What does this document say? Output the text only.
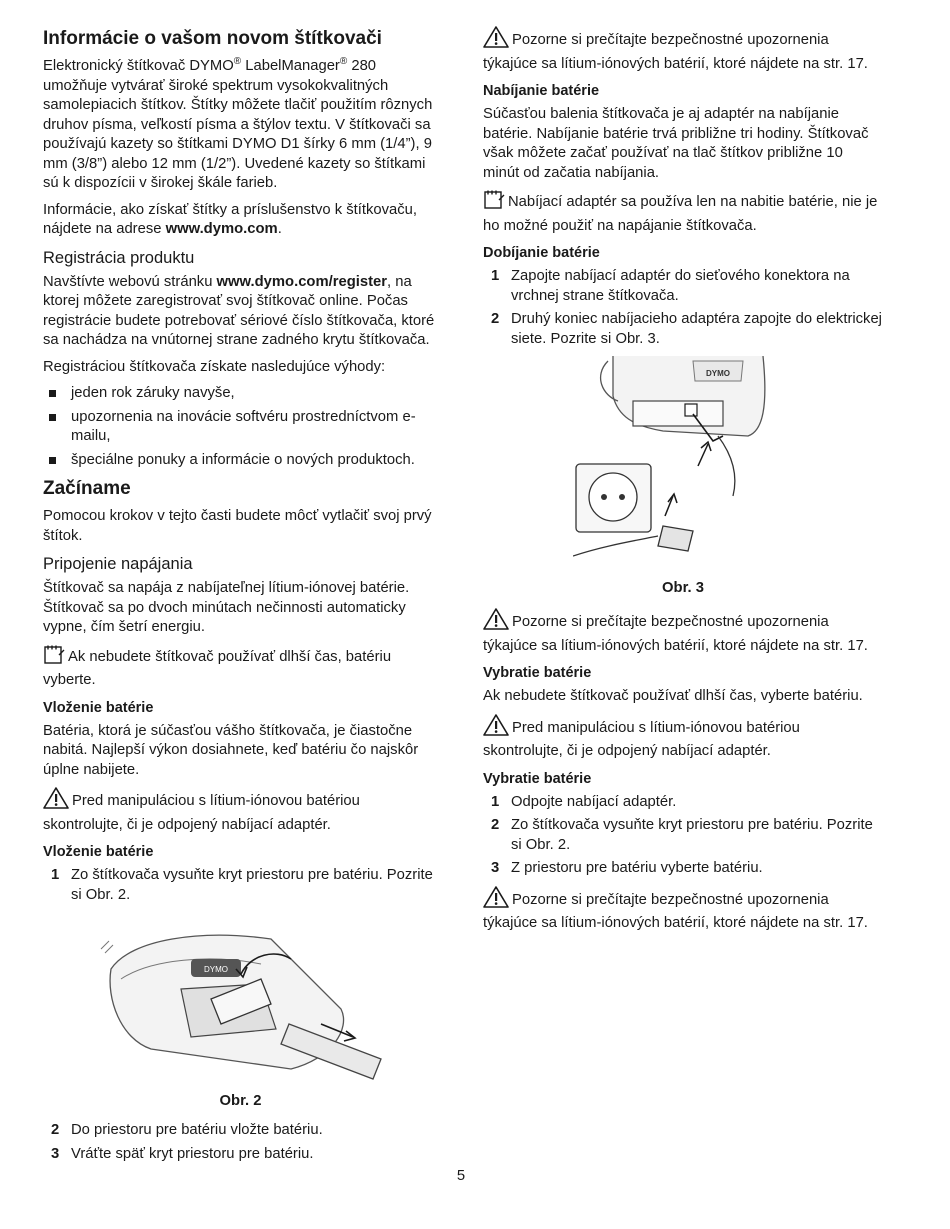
Informácie o vašom novom štítkovači

Elektronický štítkovač DYMO® LabelManager® 280 umožňuje vytvárať široké spektrum vysokokvalitných samolepiacich štítkov. Štítky môžete tlačiť použitím rôznych druhov písma, veľkostí písma a štýlov textu. V štítkovači sa používajú kazety so štítkami DYMO D1 šírky 6 mm (1/4”), 9 mm (3/8”) alebo 12 mm (1/2”). Uvedené kazety so štítkami sú k dispozícii v širokej škále farieb.

Informácie, ako získať štítky a príslušenstvo k štítkovaču, nájdete na adrese www.dymo.com.

Registrácia produktu

Navštívte webovú stránku www.dymo.com/register, na ktorej môžete zaregistrovať svoj štítkovač online. Počas registrácie budete potrebovať sériové číslo štítkovača, ktoré sa nachádza na vnútornej strane zadného krytu štítkovača.

Registráciou štítkovača získate nasledujúce výhody:

jeden rok záruky navyše,
upozornenia na inovácie softvéru prostredníctvom e-mailu,
špeciálne ponuky a informácie o nových produktoch.
Začíname

Pomocou krokov v tejto časti budete môcť vytlačiť svoj prvý štítok.

Pripojenie napájania

Štítkovač sa napája z nabíjateľnej lítium-iónovej batérie. Štítkovač sa po dvoch minútach nečinnosti automaticky vypne, čím šetrí energiu.

Ak nebudete štítkovač používať dlhší čas, batériu vyberte.

Vloženie batérie

Batéria, ktorá je súčasťou vášho štítkovača, je čiastočne nabitá. Najlepší výkon dosiahnete, keď batériu čo najskôr úplne nabijete.

Pred manipuláciou s lítium-iónovou batériou skontrolujte, či je odpojený nabíjací adaptér.

Vloženie batérie
1 Zo štítkovača vysuňte kryt priestoru pre batériu. Pozrite si Obr. 2.
DYMO
Obr. 2
2 Do priestoru pre batériu vložte batériu.
3 Vráťte späť kryt priestoru pre batériu.

Pozorne si prečítajte bezpečnostné upozornenia týkajúce sa lítium-iónových batérií, ktoré nájdete na str. 17.

Nabíjanie batérie

Súčasťou balenia štítkovača je aj adaptér na nabíjanie batérie. Nabíjanie batérie trvá približne tri hodiny. Štítkovač však môžete začať používať na tlač štítkov približne 10 minút od začatia nabíjania.

Nabíjací adaptér sa používa len na nabitie batérie, nie je ho možné použiť na napájanie štítkovača.

Dobíjanie batérie
1 Zapojte nabíjací adaptér do sieťového konektora na vrchnej strane štítkovača.
2 Druhý koniec nabíjacieho adaptéra zapojte do elektrickej siete. Pozrite si Obr. 3.
DYMO
Obr. 3

Pozorne si prečítajte bezpečnostné upozornenia týkajúce sa lítium-iónových batérií, ktoré nájdete na str. 17.

Vybratie batérie

Ak nebudete štítkovač používať dlhší čas, vyberte batériu.

Pred manipuláciou s lítium-iónovou batériou skontrolujte, či je odpojený nabíjací adaptér.

Vybratie batérie
1 Odpojte nabíjací adaptér.
2 Zo štítkovača vysuňte kryt priestoru pre batériu. Pozrite si Obr. 2.
3 Z priestoru pre batériu vyberte batériu.

Pozorne si prečítajte bezpečnostné upozornenia týkajúce sa lítium-iónových batérií, ktoré nájdete na str. 17.

5
